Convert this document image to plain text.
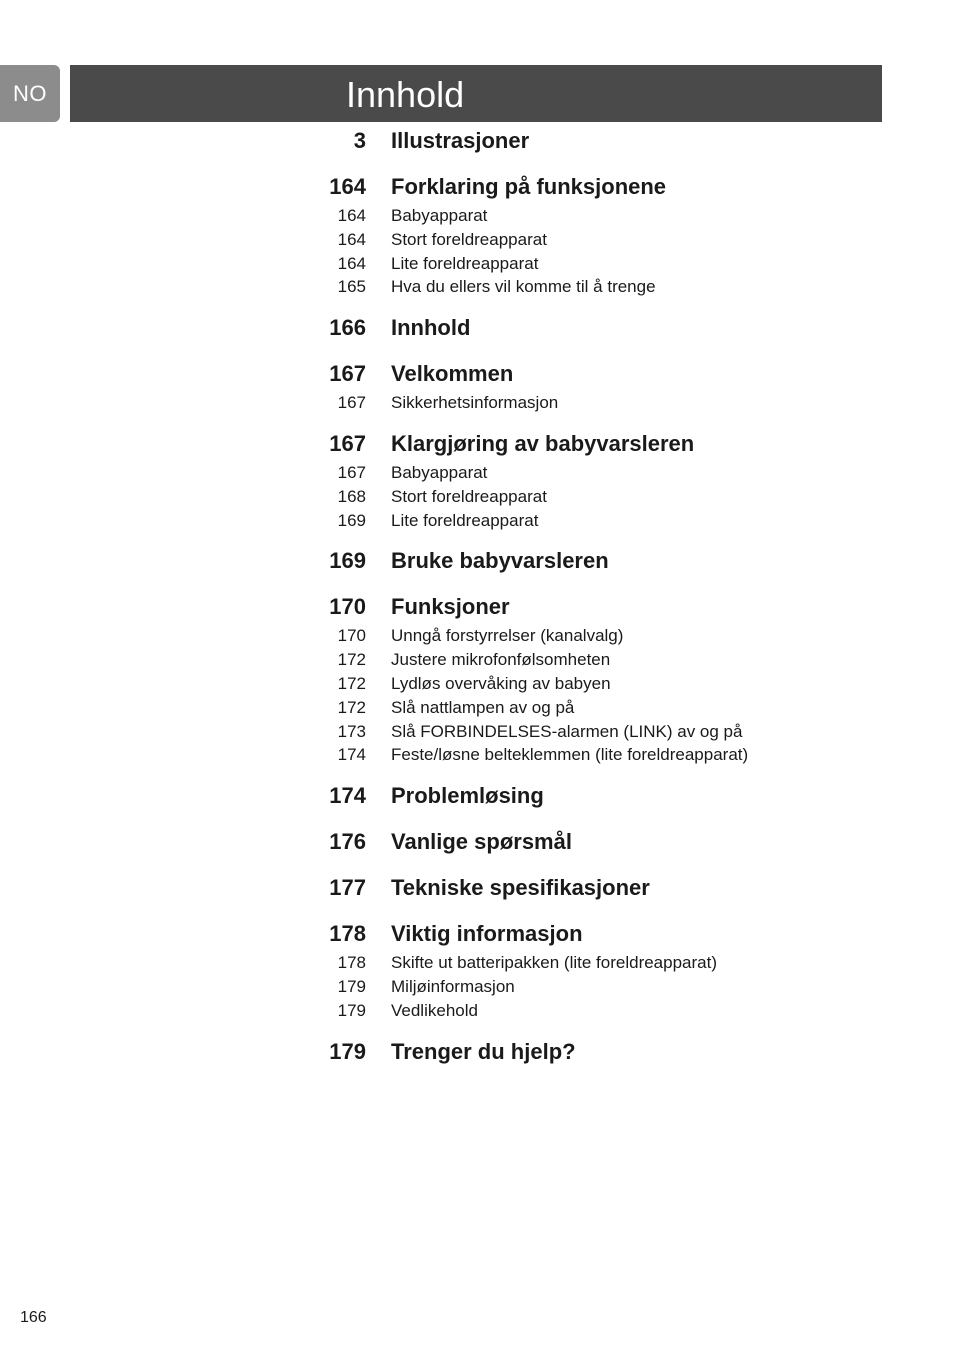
NO	Innhold
3	Illustrasjoner
164	Forklaring på funksjonene
164	Babyapparat
164	Stort foreldreapparat
164	Lite foreldreapparat
165	Hva du ellers vil komme til å trenge
166	Innhold
167	Velkommen
167	Sikkerhetsinformasjon
167	Klargjøring av babyvarsleren
167	Babyapparat
168	Stort foreldreapparat
169	Lite foreldreapparat
169	Bruke babyvarsleren
170	Funksjoner
170	Unngå forstyrrelser (kanalvalg)
172	Justere mikrofonfølsomheten
172	Lydløs overvåking av babyen
172	Slå nattlampen av og på
173	Slå FORBINDELSES-alarmen (LINK) av og på
174	Feste/løsne belteklemmen (lite foreldreapparat)
174	Problemløsing
176	Vanlige spørsmål
177	Tekniske spesifikasjoner
178	Viktig informasjon
178	Skifte ut batteripakken (lite foreldreapparat)
179	Miljøinformasjon
179	Vedlikehold
179	Trenger du hjelp?
166
